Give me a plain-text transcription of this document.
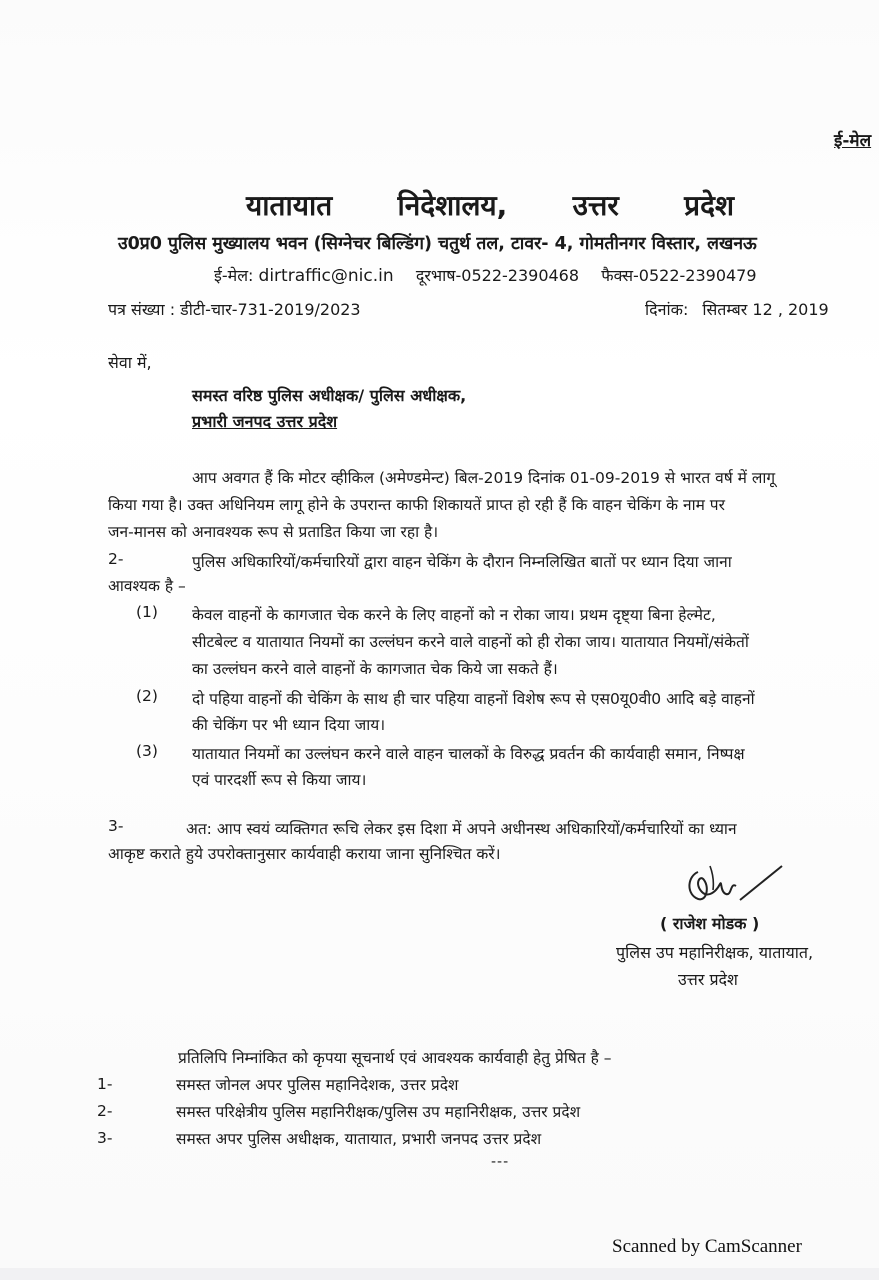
ई-मेल
यातायात निदेशालय, उत्तर प्रदेश
उ0प्र0 पुलिस मुख्यालय भवन (सिग्नेचर बिल्डिंग) चतुर्थ तल, टावर- 4, गोमतीनगर विस्तार, लखनऊ
ई-मेल: dirtraffic@nic.in दूरभाष-0522-2390468 फैक्स-0522-2390479
पत्र संख्या : डीटी-चार-731-2019/2023	दिनांक: सितम्बर 12 , 2019
सेवा में,
समस्त वरिष्ठ पुलिस अधीक्षक/ पुलिस अधीक्षक,
प्रभारी जनपद उत्तर प्रदेश
आप अवगत हैं कि मोटर व्हीकिल (अमेण्डमेन्ट) बिल-2019 दिनांक 01-09-2019 से भारत वर्ष में लागू
किया गया है। उक्त अधिनियम लागू होने के उपरान्त काफी शिकायतें प्राप्त हो रही हैं कि वाहन चेकिंग के नाम पर
जन-मानस को अनावश्यक रूप से प्रताडित किया जा रहा है।
2-	पुलिस अधिकारियों/कर्मचारियों द्वारा वाहन चेकिंग के दौरान निम्नलिखित बातों पर ध्यान दिया जाना
आवश्यक है –
(1) केवल वाहनों के कागजात चेक करने के लिए वाहनों को न रोका जाय। प्रथम दृष्ट्या बिना हेल्मेट,
सीटबेल्ट व यातायात नियमों का उल्लंघन करने वाले वाहनों को ही रोका जाय। यातायात नियमों/संकेतों
का उल्लंघन करने वाले वाहनों के कागजात चेक किये जा सकते हैं।
(2) दो पहिया वाहनों की चेकिंग के साथ ही चार पहिया वाहनों विशेष रूप से एस0यू0वी0 आदि बड़े वाहनों
की चेकिंग पर भी ध्यान दिया जाय।
(3) यातायात नियमों का उल्लंघन करने वाले वाहन चालकों के विरुद्ध प्रवर्तन की कार्यवाही समान, निष्पक्ष
एवं पारदर्शी रूप से किया जाय।
3-	अत: आप स्वयं व्यक्तिगत रूचि लेकर इस दिशा में अपने अधीनस्थ अधिकारियों/कर्मचारियों का ध्यान
आकृष्ट कराते हुये उपरोक्तानुसार कार्यवाही कराया जाना सुनिश्चित करें।
( राजेश मोडक )
पुलिस उप महानिरीक्षक, यातायात,
उत्तर प्रदेश
प्रतिलिपि निम्नांकित को कृपया सूचनार्थ एवं आवश्यक कार्यवाही हेतु प्रेषित है –
1-	समस्त जोनल अपर पुलिस महानिदेशक, उत्तर प्रदेश
2-	समस्त परिक्षेत्रीय पुलिस महानिरीक्षक/पुलिस उप महानिरीक्षक, उत्तर प्रदेश
3-	समस्त अपर पुलिस अधीक्षक, यातायात, प्रभारी जनपद उत्तर प्रदेश
---
Scanned by CamScanner
